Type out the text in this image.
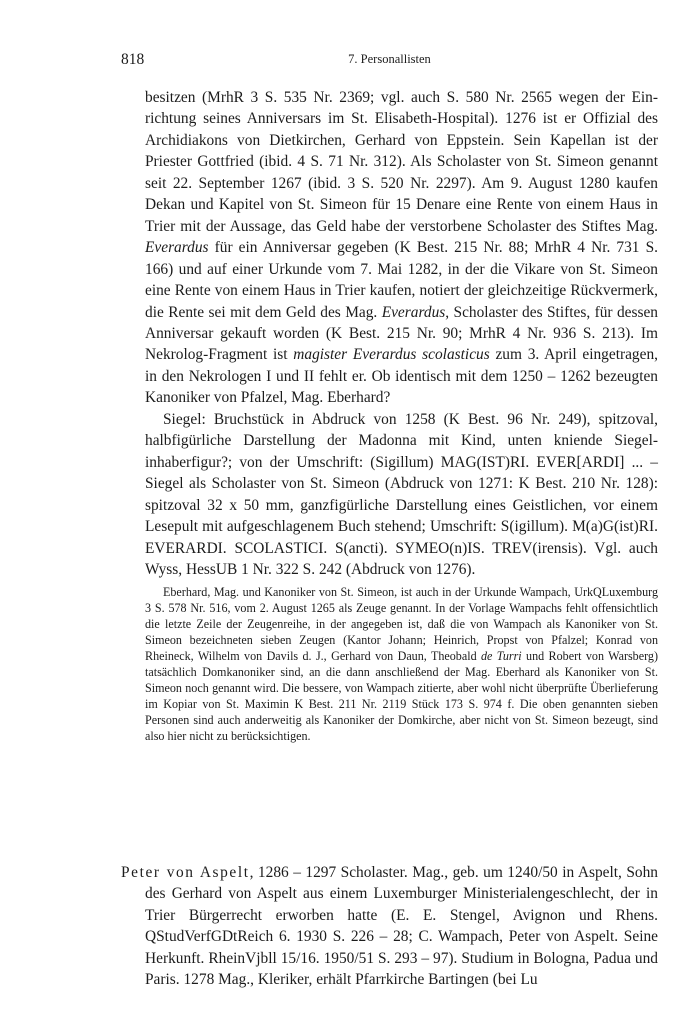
818	7. Personallisten

besitzen (MrhR 3 S. 535 Nr. 2369; vgl. auch S. 580 Nr. 2565 wegen der Einrichtung seines Anniversars im St. Elisabeth-Hospital). 1276 ist er Offizial des Archidiakons von Dietkirchen, Gerhard von Eppstein. Sein Kapellan ist der Priester Gottfried (ibid. 4 S. 71 Nr. 312). Als Scholaster von St. Simeon genannt seit 22. September 1267 (ibid. 3 S. 520 Nr. 2297). Am 9. August 1280 kaufen Dekan und Kapitel von St. Simeon für 15 Denare eine Rente von einem Haus in Trier mit der Aussage, das Geld habe der verstorbene Scholaster des Stiftes Mag. Everardus für ein Anniversar gegeben (K Best. 215 Nr. 88; MrhR 4 Nr. 731 S. 166) und auf einer Urkunde vom 7. Mai 1282, in der die Vikare von St. Simeon eine Rente von einem Haus in Trier kaufen, notiert der gleichzeitige Rückvermerk, die Rente sei mit dem Geld des Mag. Everardus, Scholaster des Stiftes, für dessen Anniversar gekauft worden (K Best. 215 Nr. 90; MrhR 4 Nr. 936 S. 213). Im Nekrolog-Fragment ist magister Everardus scolasticus zum 3. April eingetragen, in den Nekrologen I und II fehlt er. Ob identisch mit dem 1250 – 1262 bezeugten Kanoniker von Pfalzel, Mag. Eberhard?

Siegel: Bruchstück in Abdruck von 1258 (K Best. 96 Nr. 249), spitzoval, halbfigürliche Darstellung der Madonna mit Kind, unten kniende Siegelinhaberfigur?; von der Umschrift: (Sigillum) MAG(IST)RI. EVER[ARDI] ... – Siegel als Scholaster von St. Simeon (Abdruck von 1271: K Best. 210 Nr. 128): spitzoval 32 x 50 mm, ganzfigürliche Darstellung eines Geistlichen, vor einem Lesepult mit aufgeschlagenem Buch stehend; Umschrift: S(igillum). M(a)G(ist)RI. EVERARDI. SCOLASTICI. S(ancti). SYMEO(n)IS. TREV(irensis). Vgl. auch Wyss, HessUB 1 Nr. 322 S. 242 (Abdruck von 1276).

Eberhard, Mag. und Kanoniker von St. Simeon, ist auch in der Urkunde Wampach, UrkQLuxemburg 3 S. 578 Nr. 516, vom 2. August 1265 als Zeuge genannt. In der Vorlage Wampachs fehlt offensichtlich die letzte Zeile der Zeugenreihe, in der angegeben ist, daß die von Wampach als Kanoniker von St. Simeon bezeichneten sieben Zeugen (Kantor Johann; Heinrich, Propst von Pfalzel; Konrad von Rheineck, Wilhelm von Davils d. J., Gerhard von Daun, Theobald de Turri und Robert von Warsberg) tatsächlich Domkanoniker sind, an die dann anschließend der Mag. Eberhard als Kanoniker von St. Simeon noch genannt wird. Die bessere, von Wampach zitierte, aber wohl nicht überprüfte Überlieferung im Kopiar von St. Maximin K Best. 211 Nr. 2119 Stück 173 S. 974 f. Die oben genannten sieben Personen sind auch anderweitig als Kanoniker der Domkirche, aber nicht von St. Simeon bezeugt, sind also hier nicht zu berücksichtigen.

Peter von Aspelt, 1286 – 1297 Scholaster. Mag., geb. um 1240/50 in Aspelt, Sohn des Gerhard von Aspelt aus einem Luxemburger Ministerialengeschlecht, der in Trier Bürgerrecht erworben hatte (E. E. Stengel, Avignon und Rhens. QStudVerfGDtReich 6. 1930 S. 226 – 28; C. Wampach, Peter von Aspelt. Seine Herkunft. RheinVjbll 15/16. 1950/51 S. 293 – 97). Studium in Bologna, Padua und Paris. 1278 Mag., Kleriker, erhält Pfarrkirche Bartingen (bei Lu
